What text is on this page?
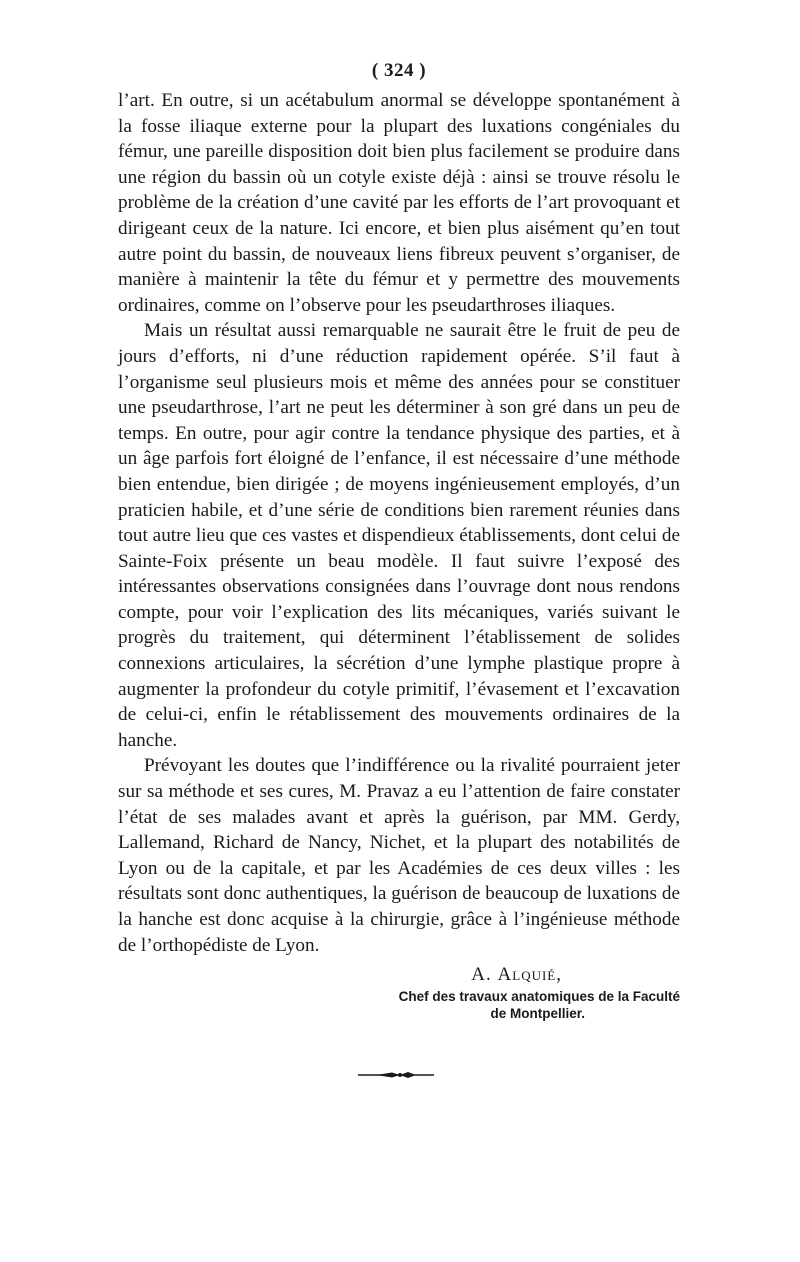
( 324 )

l’art. En outre, si un acétabulum anormal se développe spontanément à la fosse iliaque externe pour la plupart des luxations congéniales du fémur, une pareille disposition doit bien plus facilement se produire dans une région du bassin où un cotyle existe déjà : ainsi se trouve résolu le problème de la création d’une cavité par les efforts de l’art provoquant et dirigeant ceux de la nature. Ici encore, et bien plus aisément qu’en tout autre point du bassin, de nouveaux liens fibreux peuvent s’organiser, de manière à maintenir la tête du fémur et y permettre des mouvements ordinaires, comme on l’observe pour les pseudarthroses iliaques.

Mais un résultat aussi remarquable ne saurait être le fruit de peu de jours d’efforts, ni d’une réduction rapidement opérée. S’il faut à l’organisme seul plusieurs mois et même des années pour se constituer une pseudarthrose, l’art ne peut les déterminer à son gré dans un peu de temps. En outre, pour agir contre la tendance physique des parties, et à un âge parfois fort éloigné de l’enfance, il est nécessaire d’une méthode bien entendue, bien dirigée ; de moyens ingénieusement employés, d’un praticien habile, et d’une série de conditions bien rarement réunies dans tout autre lieu que ces vastes et dispendieux établissements, dont celui de Sainte-Foix présente un beau modèle. Il faut suivre l’exposé des intéressantes observations consignées dans l’ouvrage dont nous rendons compte, pour voir l’explication des lits mécaniques, variés suivant le progrès du traitement, qui déterminent l’établissement de solides connexions articulaires, la sécrétion d’une lymphe plastique propre à augmenter la profondeur du cotyle primitif, l’évasement et l’excavation de celui-ci, enfin le rétablissement des mouvements ordinaires de la hanche.

Prévoyant les doutes que l’indifférence ou la rivalité pourraient jeter sur sa méthode et ses cures, M. Pravaz a eu l’attention de faire constater l’état de ses malades avant et après la guérison, par MM. Gerdy, Lallemand, Richard de Nancy, Nichet, et la plupart des notabilités de Lyon ou de la capitale, et par les Académies de ces deux villes : les résultats sont donc authentiques, la guérison de beaucoup de luxations de la hanche est donc acquise à la chirurgie, grâce à l’ingénieuse méthode de l’orthopédiste de Lyon.

A. Alquié,
Chef des travaux anatomiques de la Faculté
de Montpellier.
